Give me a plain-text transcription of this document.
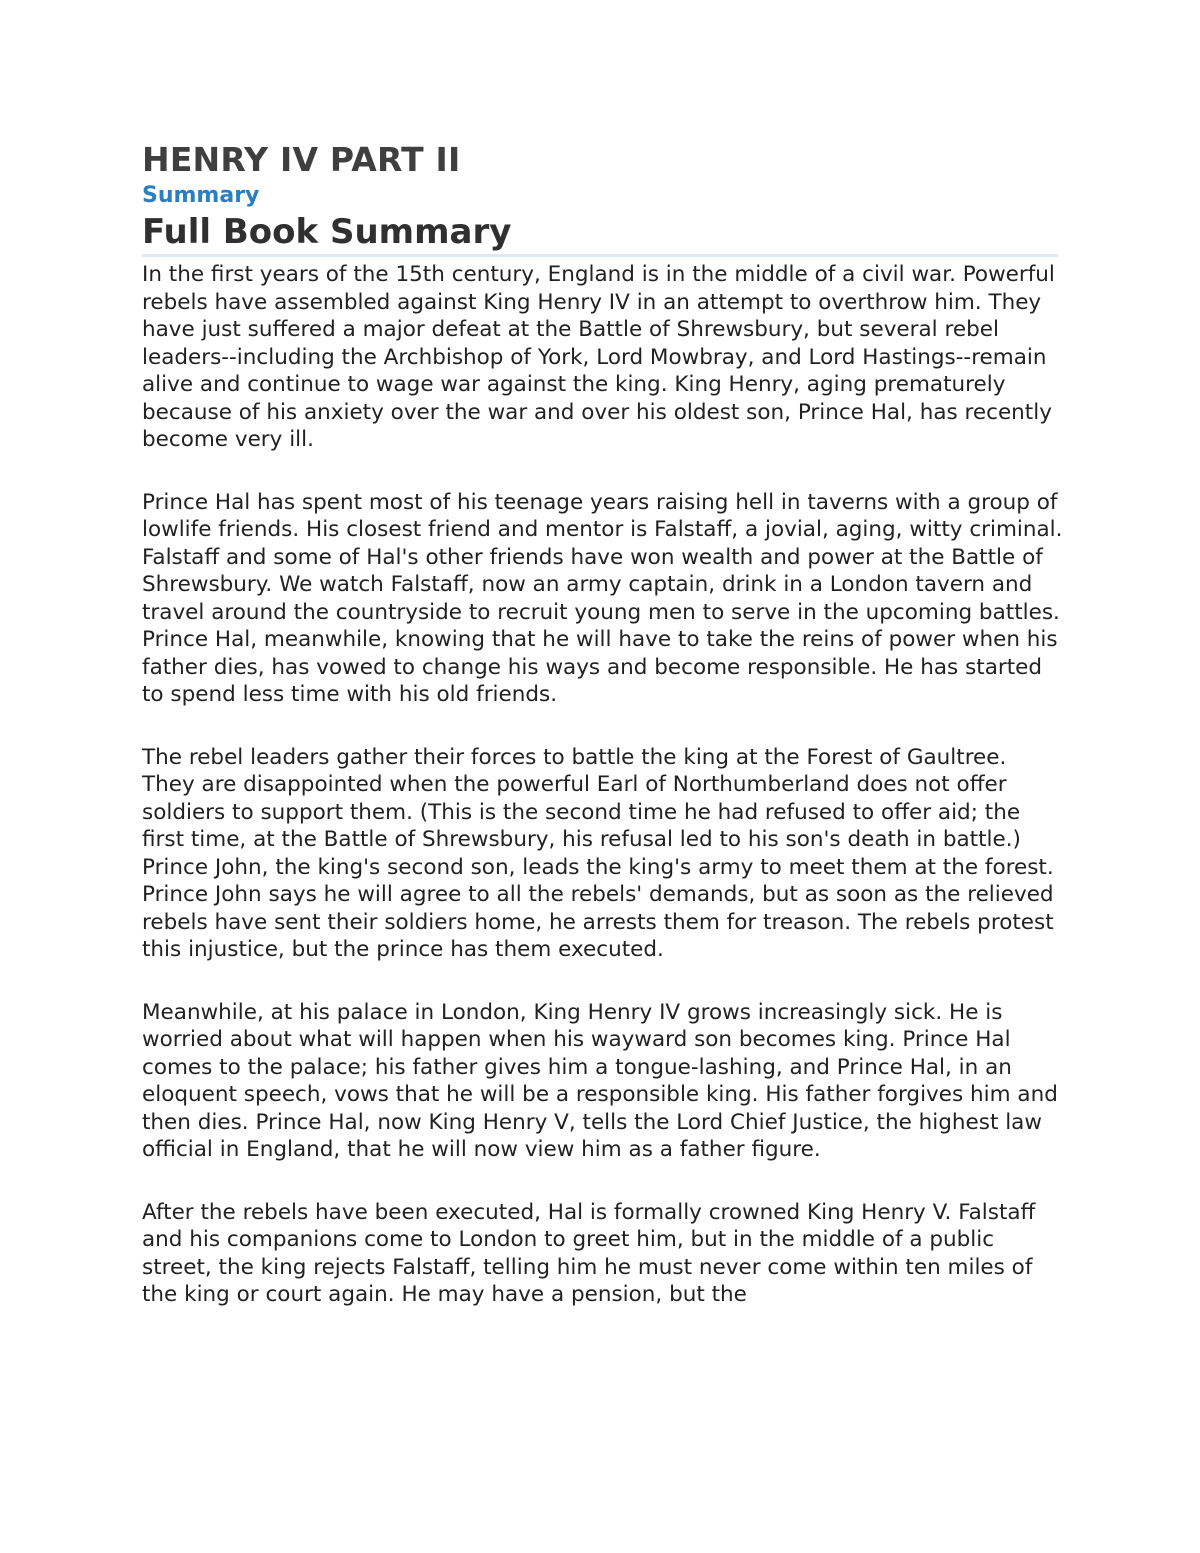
HENRY IV PART II
Summary
Full Book Summary

In the first years of the 15th century, England is in the middle of a civil war. Powerful rebels have assembled against King Henry IV in an attempt to overthrow him. They have just suffered a major defeat at the Battle of Shrewsbury, but several rebel leaders--including the Archbishop of York, Lord Mowbray, and Lord Hastings--remain alive and continue to wage war against the king. King Henry, aging prematurely because of his anxiety over the war and over his oldest son, Prince Hal, has recently become very ill.

Prince Hal has spent most of his teenage years raising hell in taverns with a group of lowlife friends. His closest friend and mentor is Falstaff, a jovial, aging, witty criminal. Falstaff and some of Hal's other friends have won wealth and power at the Battle of Shrewsbury. We watch Falstaff, now an army captain, drink in a London tavern and travel around the countryside to recruit young men to serve in the upcoming battles. Prince Hal, meanwhile, knowing that he will have to take the reins of power when his father dies, has vowed to change his ways and become responsible. He has started to spend less time with his old friends.

The rebel leaders gather their forces to battle the king at the Forest of Gaultree. They are disappointed when the powerful Earl of Northumberland does not offer soldiers to support them. (This is the second time he had refused to offer aid; the first time, at the Battle of Shrewsbury, his refusal led to his son's death in battle.) Prince John, the king's second son, leads the king's army to meet them at the forest. Prince John says he will agree to all the rebels' demands, but as soon as the relieved rebels have sent their soldiers home, he arrests them for treason. The rebels protest this injustice, but the prince has them executed.

Meanwhile, at his palace in London, King Henry IV grows increasingly sick. He is worried about what will happen when his wayward son becomes king. Prince Hal comes to the palace; his father gives him a tongue-lashing, and Prince Hal, in an eloquent speech, vows that he will be a responsible king. His father forgives him and then dies. Prince Hal, now King Henry V, tells the Lord Chief Justice, the highest law official in England, that he will now view him as a father figure.

After the rebels have been executed, Hal is formally crowned King Henry V. Falstaff and his companions come to London to greet him, but in the middle of a public street, the king rejects Falstaff, telling him he must never come within ten miles of the king or court again. He may have a pension, but the
